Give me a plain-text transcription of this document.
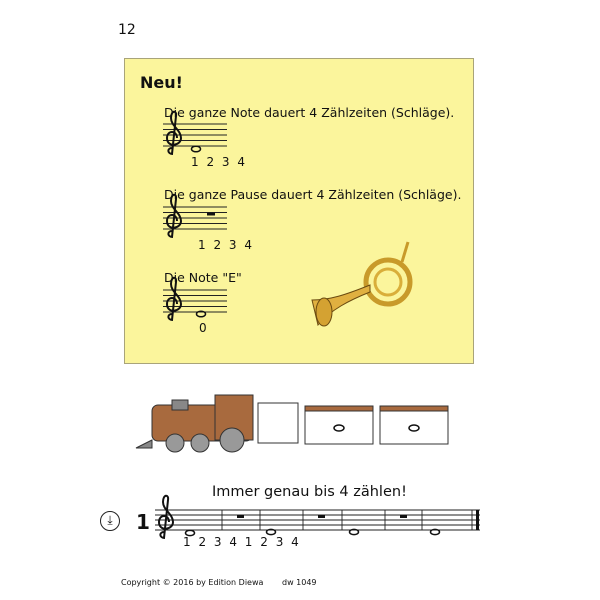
12
Neu!
Die ganze Note dauert 4 Zählzeiten (Schläge).
Die ganze Pause dauert 4 Zählzeiten (Schläge).
Die Note "E"
1 2 3 4
1 2 3 4
0
Immer genau bis 4 zählen!
⤓	1
1 2 3 4 1 2 3 4
Copyright © 2016 by Edition Diewa dw 1049
